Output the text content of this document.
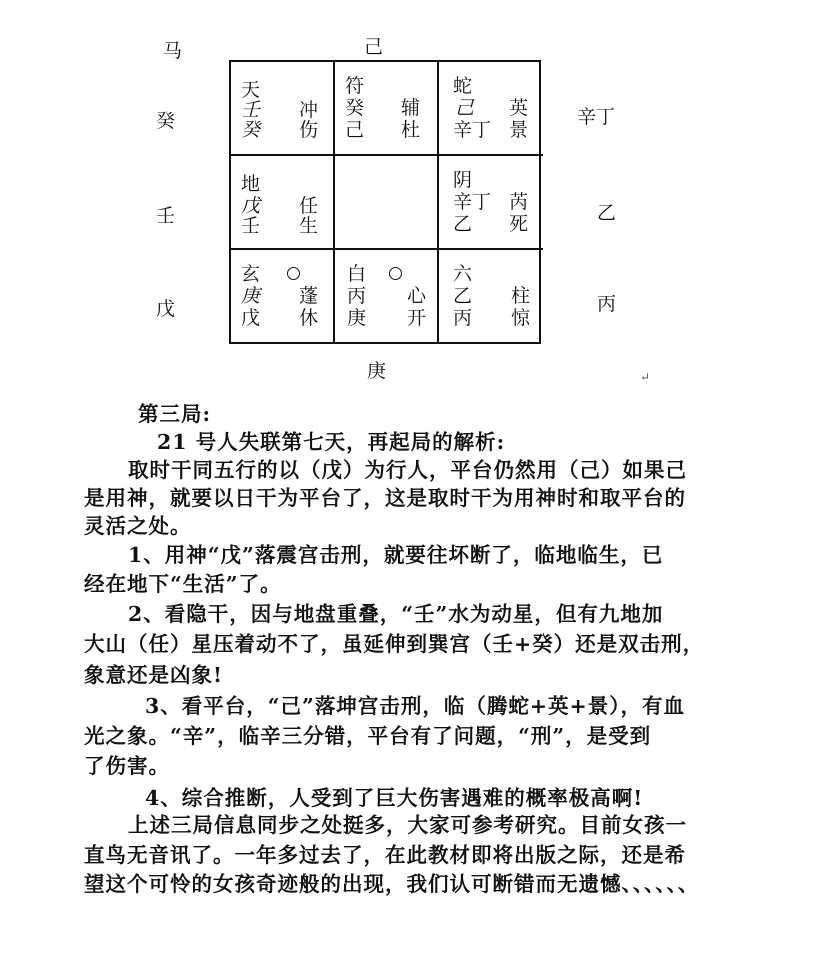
马	己
癸
壬
戊
辛丁
乙
丙
庚	↵
天
壬 冲
癸 伤
符
癸 辅
己 杜
蛇
己 英
辛丁 景
地
戊 任
壬 生
阴
辛丁 芮
乙 死
玄
庚 蓬
戊 休
白
丙 心
庚 开
六
乙 柱
丙 惊
第三局:
21 号人失联第七天，再起局的解析:
取时干同五行的以（戊）为行人，平台仍然用（己）如果己
是用神，就要以日干为平台了，这是取时干为用神时和取平台的
灵活之处。
1、用神“戊”落震宫击刑，就要往坏断了，临地临生，已
经在地下“生活”了。
2、看隐干，因与地盘重叠，“壬”水为动星，但有九地加
大山（任）星压着动不了，虽延伸到巽宫（壬+癸）还是双击刑，
象意还是凶象!
3、看平台，“己”落坤宫击刑，临（腾蛇+英+景），有血
光之象。“辛”，临辛三分错，平台有了问题，“刑”，是受到
了伤害。
4、综合推断，人受到了巨大伤害遇难的概率极高啊!
上述三局信息同步之处挺多，大家可参考研究。目前女孩一
直鸟无音讯了。一年多过去了，在此教材即将出版之际，还是希
望这个可怜的女孩奇迹般的出现，我们认可断错而无遗憾、、、、、、
